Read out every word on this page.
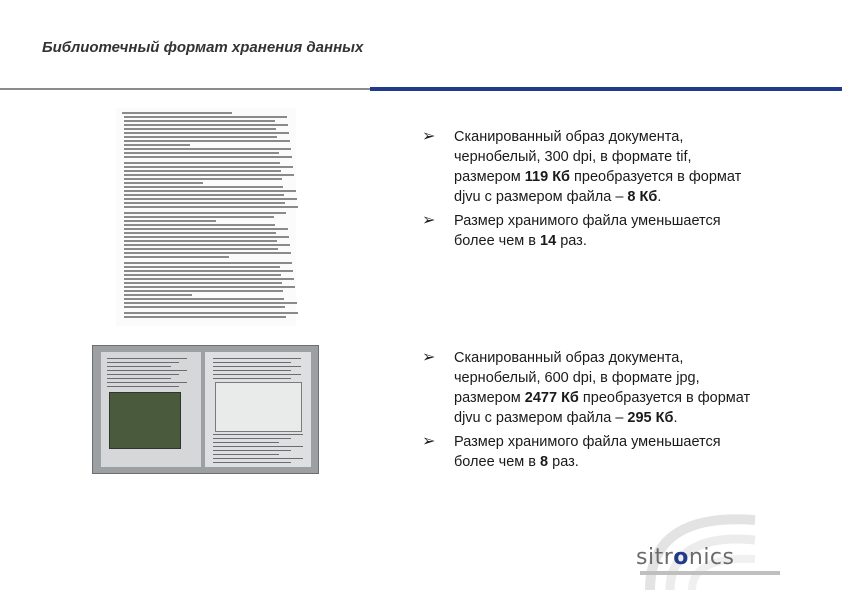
Библиотечный формат хранения данных
➢ Сканированный образ документа,
чернобелый, 300 dpi, в формате tif,
размером 119 Кб преобразуется в формат
djvu с размером файла – 8 Кб.
➢ Размер хранимого файла уменьшается
более чем в 14 раз.
➢ Сканированный образ документа,
чернобелый, 600 dpi, в формате jpg,
размером 2477 Кб преобразуется в формат
djvu с размером файла – 295 Кб.
➢ Размер хранимого файла уменьшается
более чем в 8 раз.
sitronics
